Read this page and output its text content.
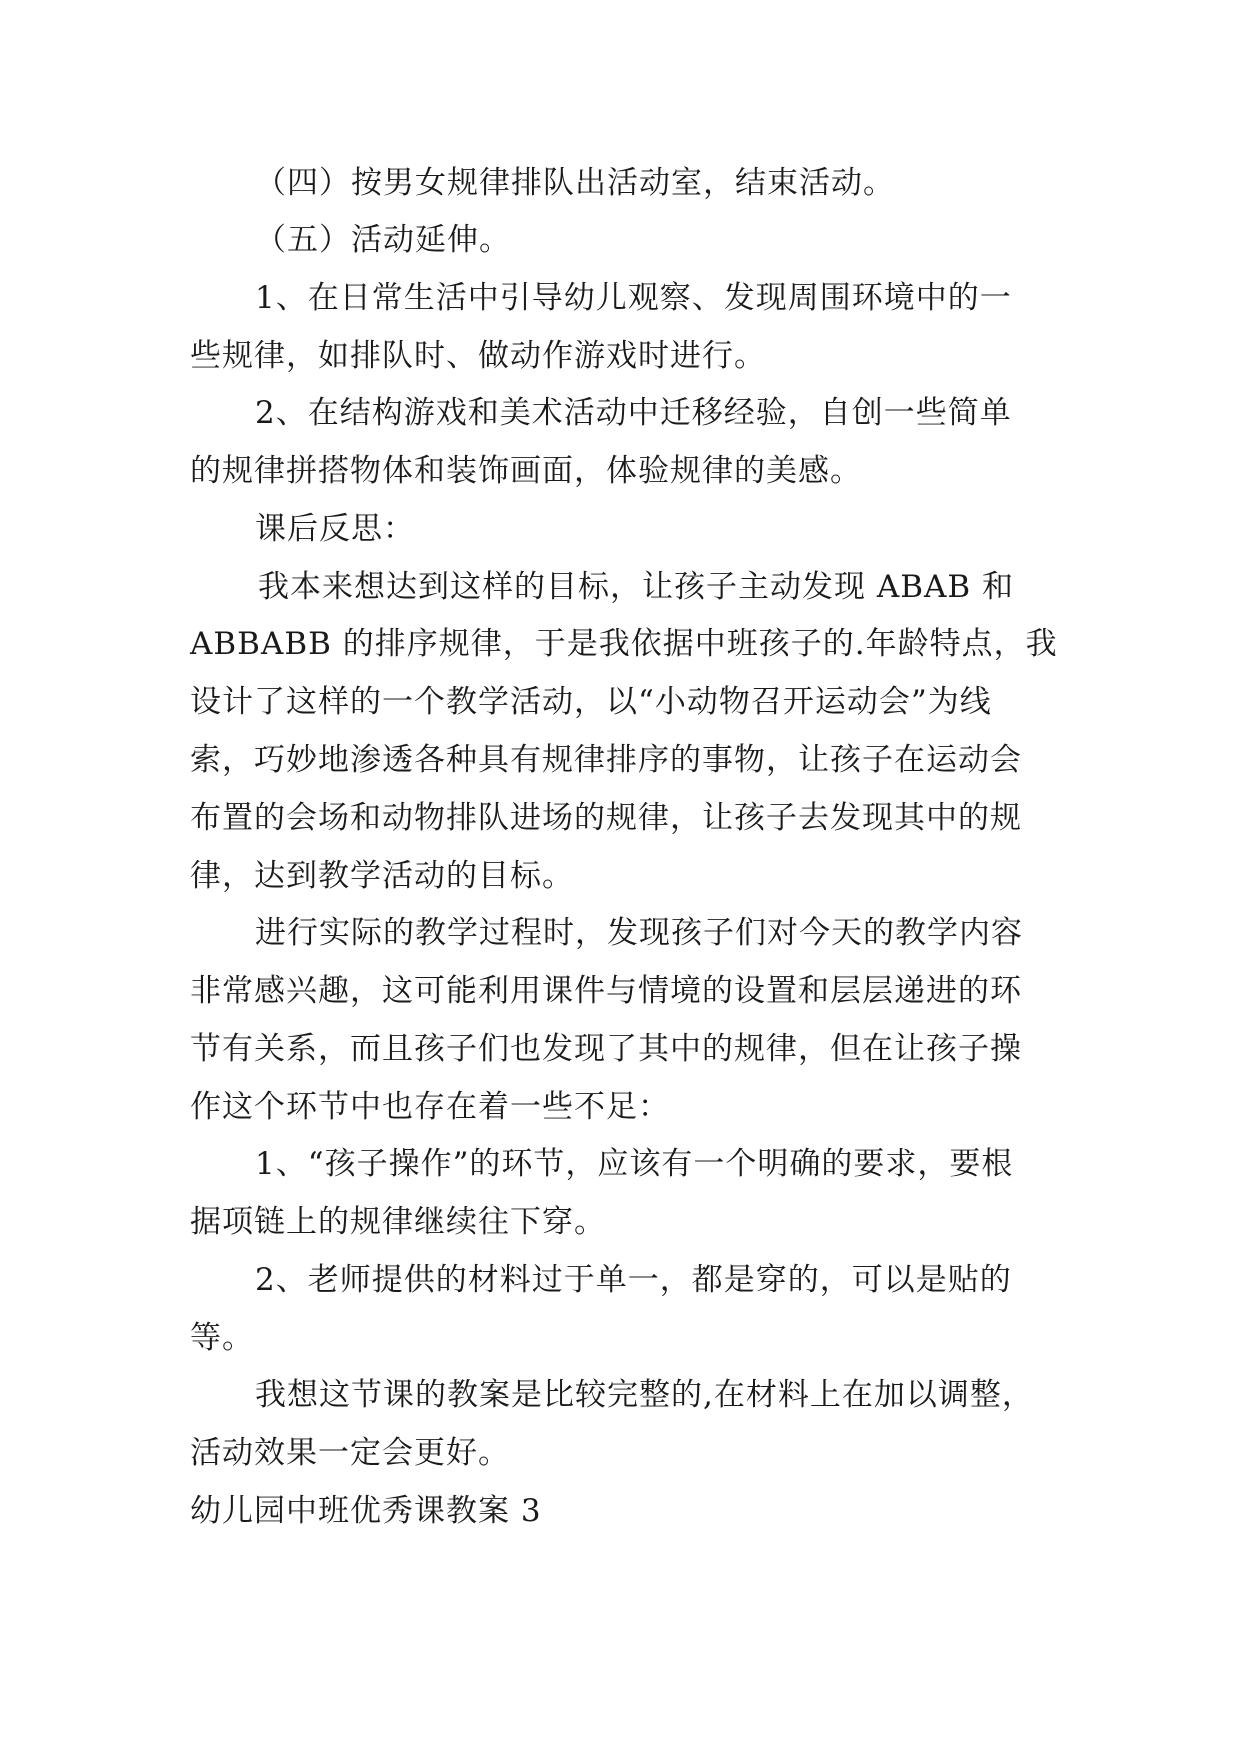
（四）按男女规律排队出活动室，结束活动。
（五）活动延伸。
1、在日常生活中引导幼儿观察、发现周围环境中的一
些规律，如排队时、做动作游戏时进行。
2、在结构游戏和美术活动中迁移经验，自创一些简单
的规律拼搭物体和装饰画面，体验规律的美感。
课后反思：
我本来想达到这样的目标，让孩子主动发现 ABAB 和
ABBABB 的排序规律，于是我依据中班孩子的.年龄特点，我
设计了这样的一个教学活动，以“小动物召开运动会”为线
索，巧妙地渗透各种具有规律排序的事物，让孩子在运动会
布置的会场和动物排队进场的规律，让孩子去发现其中的规
律，达到教学活动的目标。
进行实际的教学过程时，发现孩子们对今天的教学内容
非常感兴趣，这可能利用课件与情境的设置和层层递进的环
节有关系，而且孩子们也发现了其中的规律，但在让孩子操
作这个环节中也存在着一些不足：
1、“孩子操作”的环节，应该有一个明确的要求，要根
据项链上的规律继续往下穿。
2、老师提供的材料过于单一，都是穿的，可以是贴的
等。
我想这节课的教案是比较完整的,在材料上在加以调整，
活动效果一定会更好。
幼儿园中班优秀课教案 3
